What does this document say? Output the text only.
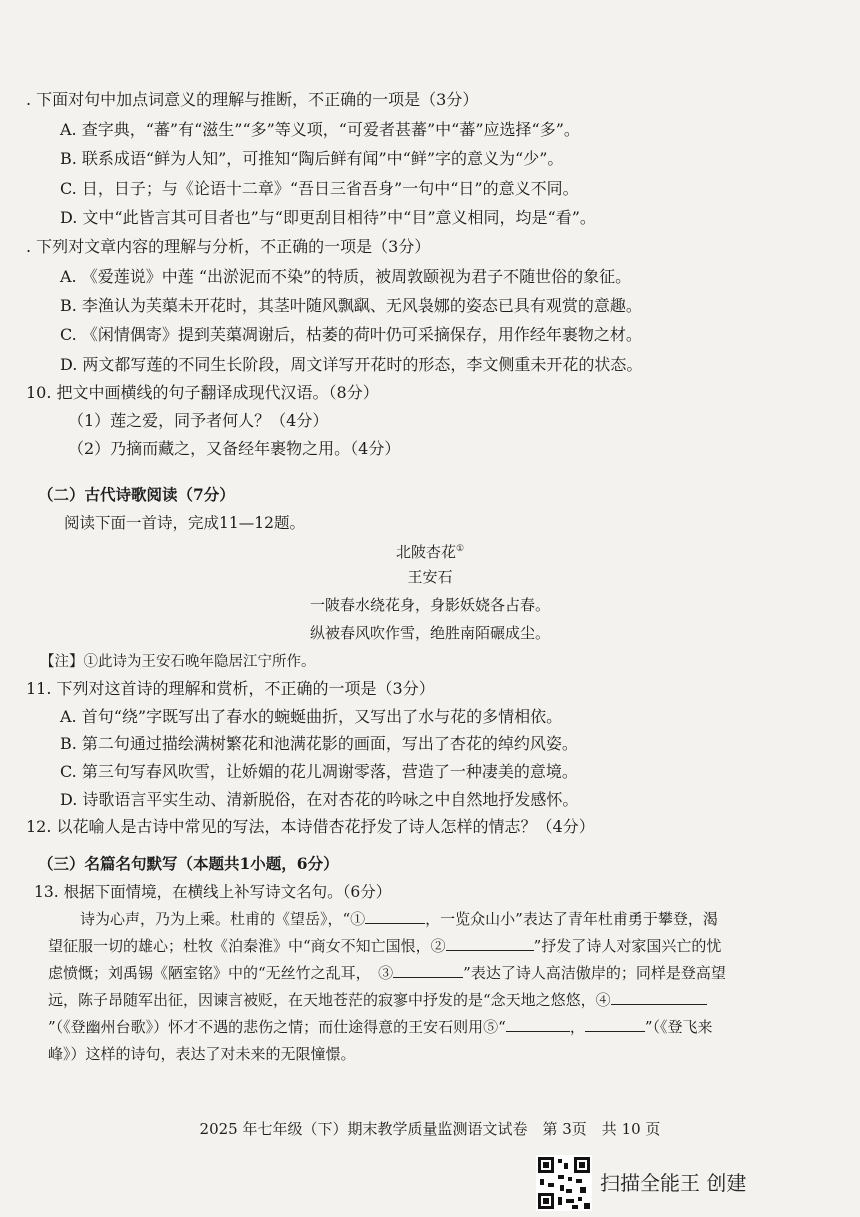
. 下面对句中加点词意义的理解与推断，不正确的一项是（3分）
A. 查字典，“蕃”有“滋生”“多”等义项，“可爱者甚蕃”中“蕃”应选择“多”。
B. 联系成语“鲜为人知”，可推知“陶后鲜有闻”中“鲜”字的意义为“少”。
C. 日，日子；与《论语十二章》“吾日三省吾身”一句中“日”的意义不同。
D. 文中“此皆言其可目者也”与“即更刮目相待”中“目”意义相同，均是“看”。
. 下列对文章内容的理解与分析，不正确的一项是（3分）
A. 《爱莲说》中莲 “出淤泥而不染”的特质，被周敦颐视为君子不随世俗的象征。
B. 李渔认为芙蕖未开花时，其茎叶随风飘飖、无风袅娜的姿态已具有观赏的意趣。
C. 《闲情偶寄》提到芙蕖凋谢后，枯萎的荷叶仍可采摘保存，用作经年裹物之材。
D. 两文都写莲的不同生长阶段，周文详写开花时的形态，李文侧重未开花的状态。
10. 把文中画横线的句子翻译成现代汉语。（8分）
（1）莲之爱，同予者何人？（4分）
（2）乃摘而藏之，又备经年裹物之用。（4分）
（二）古代诗歌阅读（7分）
阅读下面一首诗，完成11—12题。
北陂杏花①
王安石
一陂春水绕花身，身影妖娆各占春。
纵被春风吹作雪，绝胜南陌碾成尘。
【注】①此诗为王安石晚年隐居江宁所作。
11. 下列对这首诗的理解和赏析，不正确的一项是（3分）
A. 首句“绕”字既写出了春水的蜿蜒曲折，又写出了水与花的多情相依。
B. 第二句通过描绘满树繁花和池满花影的画面，写出了杏花的绰约风姿。
C. 第三句写春风吹雪，让娇媚的花儿凋谢零落，营造了一种凄美的意境。
D. 诗歌语言平实生动、清新脱俗，在对杏花的吟咏之中自然地抒发感怀。
12. 以花喻人是古诗中常见的写法，本诗借杏花抒发了诗人怎样的情志？（4分）
（三）名篇名句默写（本题共1小题，6分）
13. 根据下面情境，在横线上补写诗文名句。（6分）
诗为心声，乃为上乘。杜甫的《望岳》，“①	，一览众山小”表达了青年杜甫勇于攀登，渴望征服一切的雄心；杜牧《泊秦淮》中“商女不知亡国恨，②	”抒发了诗人对家国兴亡的忧虑愤慨；刘禹锡《陋室铭》中的“无丝竹之乱耳，　③	”表达了诗人高洁傲岸的；同样是登高望远，陈子昂随军出征，因谏言被贬，在天地苍茫的寂寥中抒发的是“念天地之悠悠，④”（《登幽州台歌》）怀才不遇的悲伤之情；而仕途得意的王安石则用⑤“	，	”（《登飞来峰》）这样的诗句，表达了对未来的无限憧憬。
2025 年七年级（下）期末教学质量监测语文试卷　第 3页　共 10 页
扫描全能王 创建
